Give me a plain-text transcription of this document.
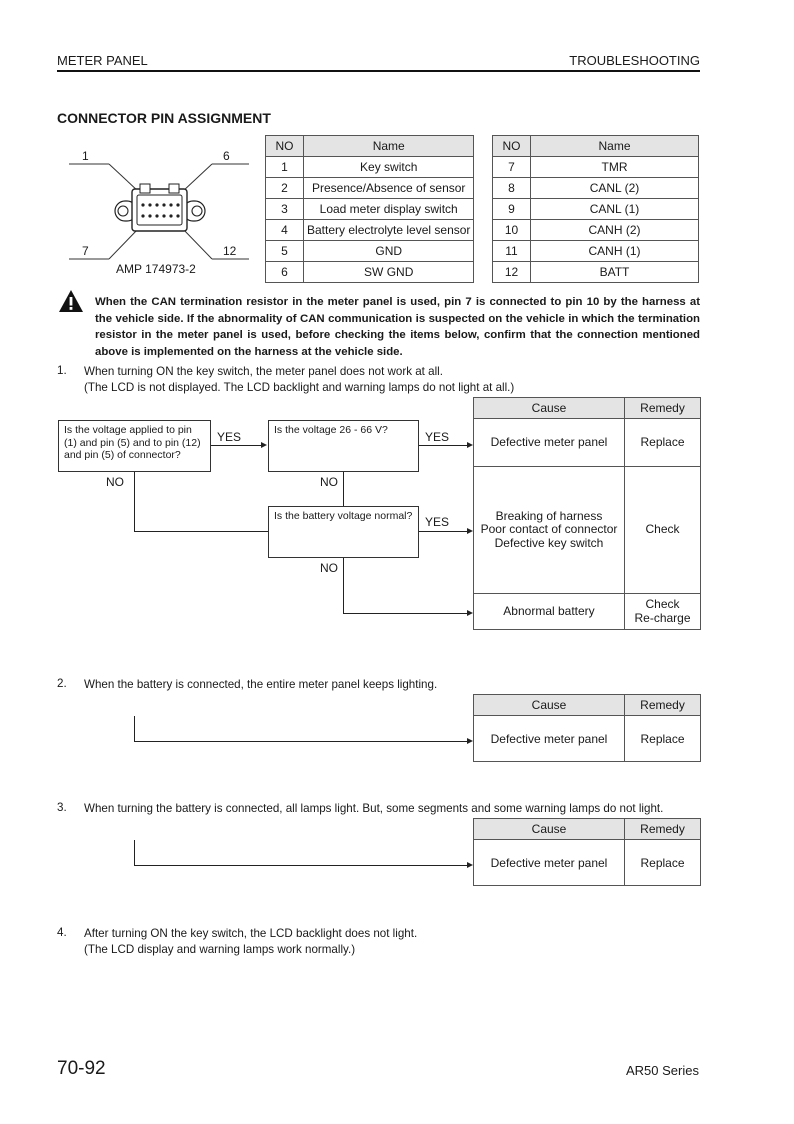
METER PANEL	TROUBLESHOOTING
CONNECTOR PIN ASSIGNMENT
1	6
7	12
AMP 174973-2
NO	Name
1	Key switch
2	Presence/Absence of sensor
3	Load meter display switch
4	Battery electrolyte level sensor
5	GND
6	SW GND
NO	Name
7	TMR
8	CANL (2)
9	CANL (1)
10	CANH (2)
11	CANH (1)
12	BATT
When the CAN termination resistor in the meter panel is used, pin 7 is connected to pin 10 by the harness at the vehicle side. If the abnormality of CAN communication is suspected on the vehicle in which the termination resistor in the meter panel is used, before checking the items below, confirm that the connection mentioned above is implemented on the harness at the vehicle side.
1. When turning ON the key switch, the meter panel does not work at all.
(The LCD is not displayed. The LCD backlight and warning lamps do not light at all.)
Is the voltage applied to pin (1) and pin (5) and to pin (12) and pin (5) of connector?
Is the voltage 26 - 66 V?
Is the battery voltage normal?
YES	YES
YES
NO	NO
NO
Cause	Remedy
Defective meter panel	Replace
Breaking of harness
Poor contact of connector
Defective key switch	Check
Abnormal battery	Check
Re-charge
2. When the battery is connected, the entire meter panel keeps lighting.
Cause	Remedy
Defective meter panel	Replace
3. When turning the battery is connected, all lamps light. But, some segments and some warning lamps do not light.
Cause	Remedy
Defective meter panel	Replace
4. After turning ON the key switch, the LCD backlight does not light.
(The LCD display and warning lamps work normally.)
70-92	AR50 Series
